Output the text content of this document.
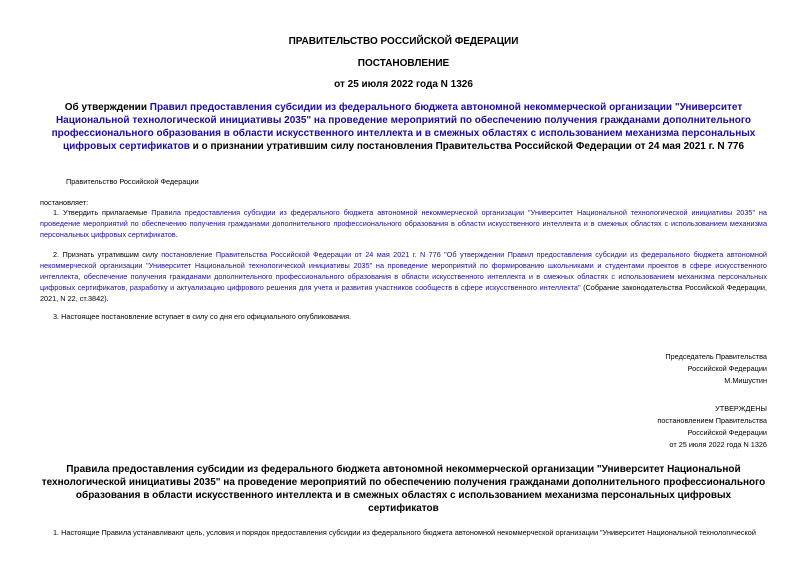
ПРАВИТЕЛЬСТВО РОССИЙСКОЙ ФЕДЕРАЦИИ
ПОСТАНОВЛЕНИЕ
от 25 июля 2022 года N 1326
Об утверждении Правил предоставления субсидии из федерального бюджета автономной некоммерческой организации "Университет Национальной технологической инициативы 2035" на проведение мероприятий по обеспечению получения гражданами дополнительного профессионального образования в области искусственного интеллекта и в смежных областях с использованием механизма персональных цифровых сертификатов и о признании утратившим силу постановления Правительства Российской Федерации от 24 мая 2021 г. N 776
Правительство Российской Федерации
постановляет:
1. Утвердить прилагаемые Правила предоставления субсидии из федерального бюджета автономной некоммерческой организации "Университет Национальной технологической инициативы 2035" на проведение мероприятий по обеспечению получения гражданами дополнительного профессионального образования в области искусственного интеллекта и в смежных областях с использованием механизма персональных цифровых сертификатов.
2. Признать утратившим силу постановление Правительства Российской Федерации от 24 мая 2021 г. N 776 "Об утверждении Правил предоставления субсидии из федерального бюджета автономной некоммерческой организации "Университет Национальной технологической инициативы 2035" на проведение мероприятий по формированию школьниками и студентами проектов в сфере искусственного интеллекта, обеспечение получения гражданами дополнительного профессионального образования в области искусственного интеллекта и в смежных областях с использованием механизма персональных цифровых сертификатов, разработку и актуализацию цифрового решения для учета и развития участников сообществ в сфере искусственного интеллекта" (Собрание законодательства Российской Федерации, 2021, N 22, ст.3842).
3. Настоящее постановление вступает в силу со дня его официального опубликования.
Председатель Правительства
Российской Федерации
М.Мишустин
УТВЕРЖДЕНЫ
постановлением Правительства
Российской Федерации
от 25 июля 2022 года N 1326
Правила предоставления субсидии из федерального бюджета автономной некоммерческой организации "Университет Национальной технологической инициативы 2035" на проведение мероприятий по обеспечению получения гражданами дополнительного профессионального образования в области искусственного интеллекта и в смежных областях с использованием механизма персональных цифровых сертификатов
1. Настоящие Правила устанавливают цель, условия и порядок предоставления субсидии из федерального бюджета автономной некоммерческой организации "Университет Национальной технологической
